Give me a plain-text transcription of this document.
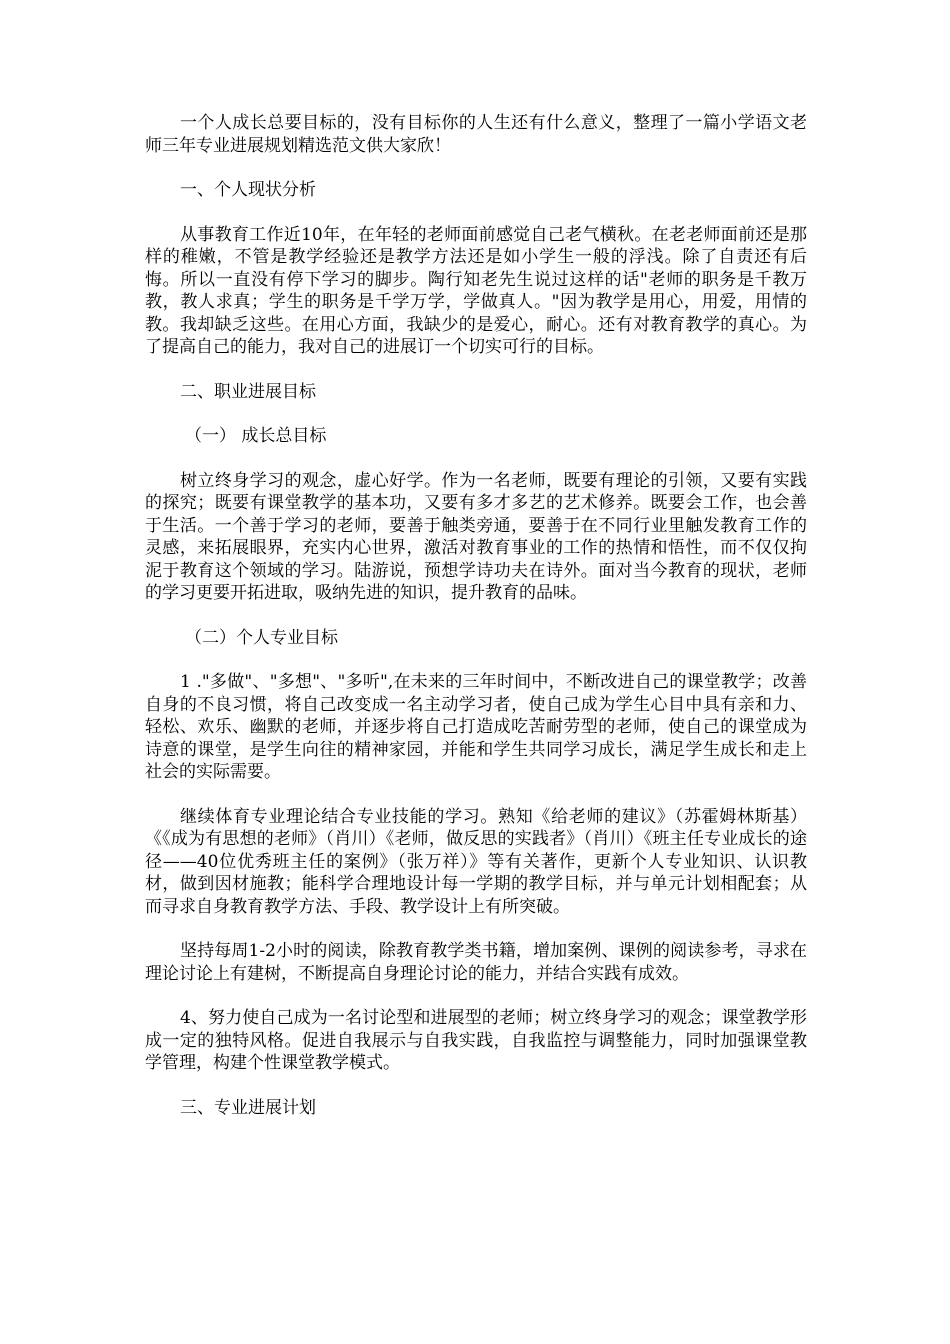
一个人成长总要目标的，没有目标你的人生还有什么意义，整理了一篇小学语文老师三年专业进展规划精选范文供大家欣！

一、个人现状分析

从事教育工作近10年，在年轻的老师面前感觉自己老气横秋。在老老师面前还是那样的稚嫩，不管是教学经验还是教学方法还是如小学生一般的浮浅。除了自责还有后悔。所以一直没有停下学习的脚步。陶行知老先生说过这样的话"老师的职务是千教万教，教人求真；学生的职务是千学万学，学做真人。"因为教学是用心，用爱，用情的教。我却缺乏这些。在用心方面，我缺少的是爱心，耐心。还有对教育教学的真心。为了提高自己的能力，我对自己的进展订一个切实可行的目标。

二、职业进展目标

（一） 成长总目标

树立终身学习的观念，虚心好学。作为一名老师，既要有理论的引领，又要有实践的探究；既要有课堂教学的基本功，又要有多才多艺的艺术修养。既要会工作，也会善于生活。一个善于学习的老师，要善于触类旁通，要善于在不同行业里触发教育工作的灵感，来拓展眼界，充实内心世界，激活对教育事业的工作的热情和悟性，而不仅仅拘泥于教育这个领域的学习。陆游说，预想学诗功夫在诗外。面对当今教育的现状，老师的学习更要开拓进取，吸纳先进的知识，提升教育的品味。

（二）个人专业目标

1 ."多做"、"多想"、"多听",在未来的三年时间中，不断改进自己的课堂教学；改善自身的不良习惯，将自己改变成一名主动学习者，使自己成为学生心目中具有亲和力、轻松、欢乐、幽默的老师，并逐步将自己打造成吃苦耐劳型的老师，使自己的课堂成为诗意的课堂，是学生向往的精神家园，并能和学生共同学习成长，满足学生成长和走上社会的实际需要。

继续体育专业理论结合专业技能的学习。熟知《给老师的建议》（苏霍姆林斯基）《《成为有思想的老师》（肖川）《老师，做反思的实践者》（肖川）《班主任专业成长的途径——40位优秀班主任的案例》（张万祥）》等有关著作，更新个人专业知识、认识教材，做到因材施教；能科学合理地设计每一学期的教学目标，并与单元计划相配套；从而寻求自身教育教学方法、手段、教学设计上有所突破。

坚持每周1-2小时的阅读，除教育教学类书籍，增加案例、课例的阅读参考，寻求在理论讨论上有建树，不断提高自身理论讨论的能力，并结合实践有成效。

4、努力使自己成为一名讨论型和进展型的老师；树立终身学习的观念；课堂教学形成一定的独特风格。促进自我展示与自我实践，自我监控与调整能力，同时加强课堂教学管理，构建个性课堂教学模式。

三、专业进展计划
